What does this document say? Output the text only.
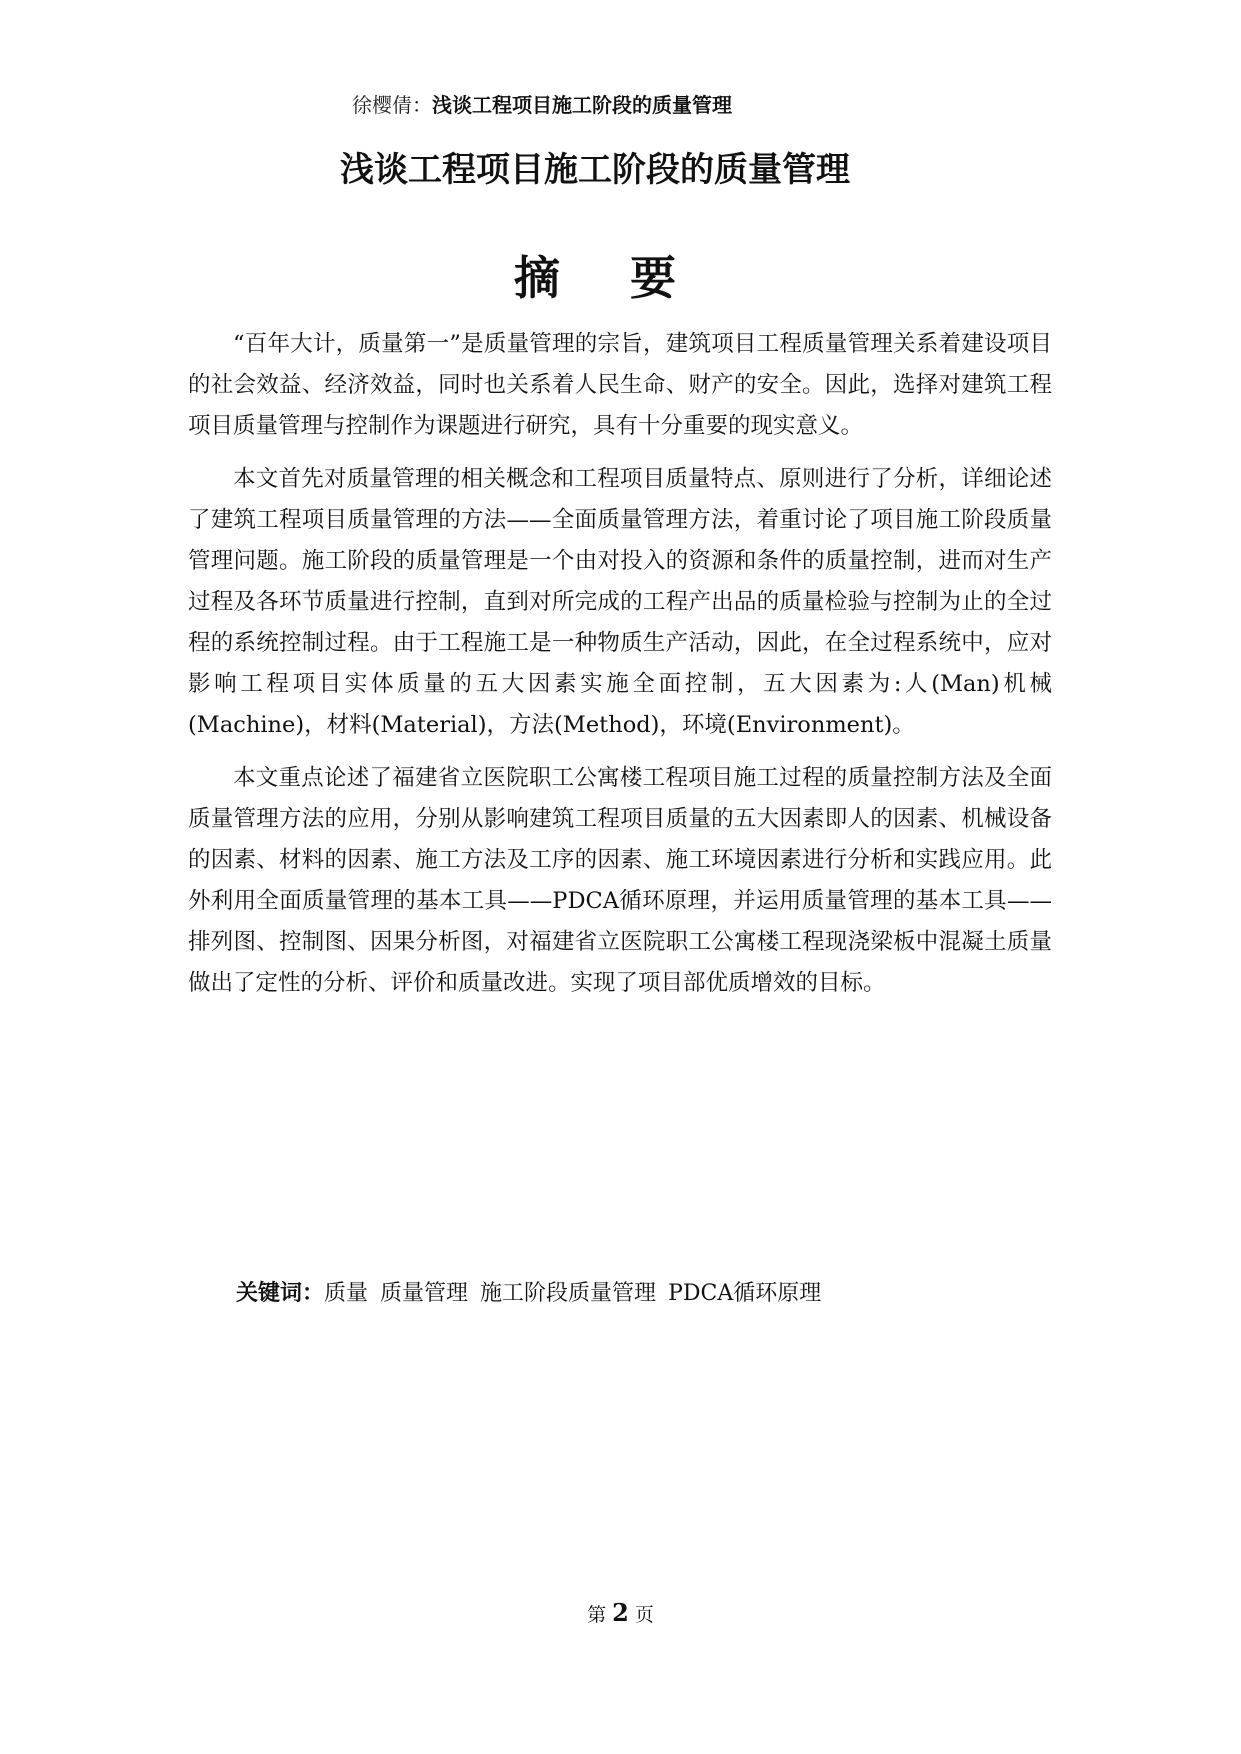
徐樱倩：浅谈工程项目施工阶段的质量管理
浅谈工程项目施工阶段的质量管理
摘要

“百年大计，质量第一”是质量管理的宗旨，建筑项目工程质量管理关系着建设项目的社会效益、经济效益，同时也关系着人民生命、财产的安全。因此，选择对建筑工程项目质量管理与控制作为课题进行研究，具有十分重要的现实意义。

本文首先对质量管理的相关概念和工程项目质量特点、原则进行了分析，详细论述了建筑工程项目质量管理的方法——全面质量管理方法，着重讨论了项目施工阶段质量管理问题。施工阶段的质量管理是一个由对投入的资源和条件的质量控制，进而对生产过程及各环节质量进行控制，直到对所完成的工程产出品的质量检验与控制为止的全过程的系统控制过程。由于工程施工是一种物质生产活动，因此，在全过程系统中，应对影响工程项目实体质量的五大因素实施全面控制，五大因素为:人(Man)机械(Machine)，材料(Material)，方法(Method)，环境(Environment)。

本文重点论述了福建省立医院职工公寓楼工程项目施工过程的质量控制方法及全面质量管理方法的应用，分别从影响建筑工程项目质量的五大因素即人的因素、机械设备的因素、材料的因素、施工方法及工序的因素、施工环境因素进行分析和实践应用。此外利用全面质量管理的基本工具——PDCA循环原理，并运用质量管理的基本工具——排列图、控制图、因果分析图，对福建省立医院职工公寓楼工程现浇梁板中混凝土质量做出了定性的分析、评价和质量改进。实现了项目部优质增效的目标。

关键词：质量 质量管理 施工阶段质量管理 PDCA循环原理
第 2 页
